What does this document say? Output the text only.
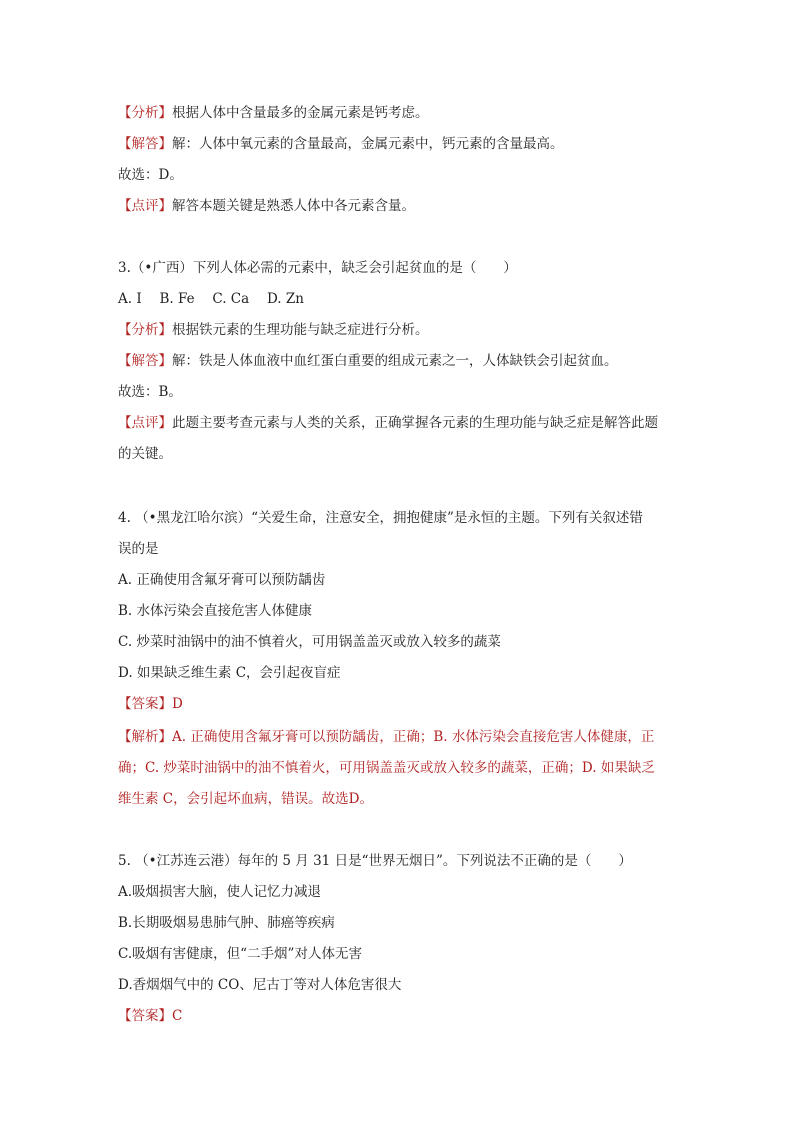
【分析】根据人体中含量最多的金属元素是钙考虑。
【解答】解：人体中氧元素的含量最高，金属元素中，钙元素的含量最高。
故选：D。
【点评】解答本题关键是熟悉人体中各元素含量。
3.（•广西）下列人体必需的元素中，缺乏会引起贫血的是（　　）
A. I　 B. Fe　 C. Ca　 D. Zn
【分析】根据铁元素的生理功能与缺乏症进行分析。
【解答】解：铁是人体血液中血红蛋白重要的组成元素之一，人体缺铁会引起贫血。
故选：B。
【点评】此题主要考查元素与人类的关系，正确掌握各元素的生理功能与缺乏症是解答此题
的关键。
4. （•黑龙江哈尔滨）“关爱生命，注意安全，拥抱健康”是永恒的主题。下列有关叙述错
误的是
A. 正确使用含氟牙膏可以预防龋齿
B. 水体污染会直接危害人体健康
C. 炒菜时油锅中的油不慎着火，可用锅盖盖灭或放入较多的蔬菜
D. 如果缺乏维生素 C，会引起夜盲症
【答案】D
【解析】A. 正确使用含氟牙膏可以预防龋齿，正确；B. 水体污染会直接危害人体健康，正
确；C. 炒菜时油锅中的油不慎着火，可用锅盖盖灭或放入较多的蔬菜，正确；D. 如果缺乏
维生素 C，会引起坏血病，错误。故选D。
5. （•江苏连云港）每年的 5 月 31 日是“世界无烟日”。下列说法不正确的是（　　）
A.吸烟损害大脑，使人记忆力减退
B.长期吸烟易患肺气肿、肺癌等疾病
C.吸烟有害健康，但“二手烟”对人体无害
D.香烟烟气中的 CO、尼古丁等对人体危害很大
【答案】C
